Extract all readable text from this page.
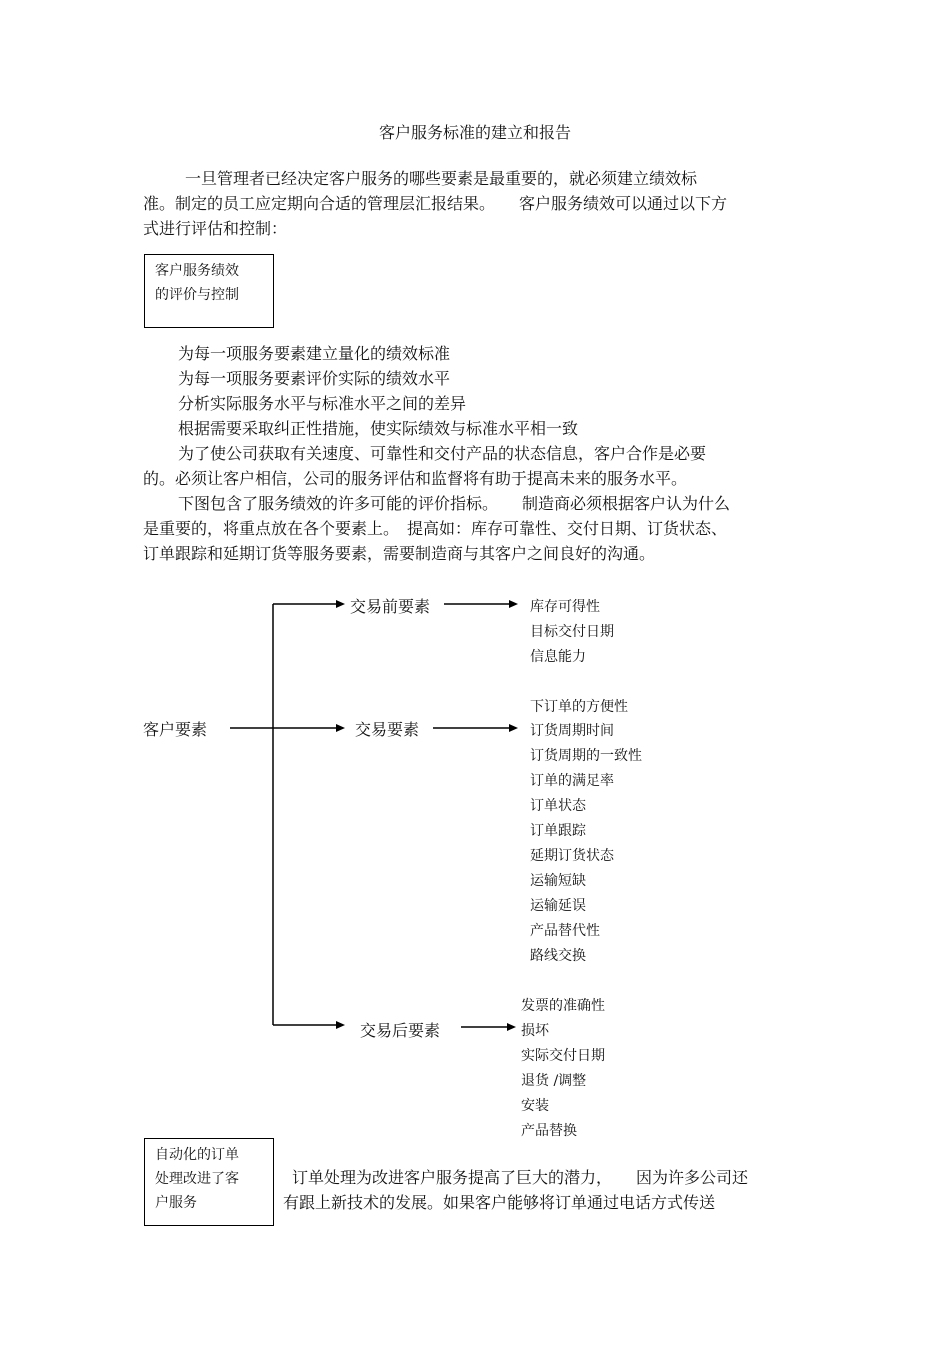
客户服务标准的建立和报告
一旦管理者已经决定客户服务的哪些要素是最重要的，就必须建立绩效标
准。制定的员工应定期向合适的管理层汇报结果。　　客户服务绩效可以通过以下方
式进行评估和控制：
客户服务绩效
的评价与控制
为每一项服务要素建立量化的绩效标准
为每一项服务要素评价实际的绩效水平
分析实际服务水平与标准水平之间的差异
根据需要采取纠正性措施，使实际绩效与标准水平相一致
为了使公司获取有关速度、可靠性和交付产品的状态信息，客户合作是必要
的。必须让客户相信，公司的服务评估和监督将有助于提高未来的服务水平。
下图包含了服务绩效的许多可能的评价指标。　　制造商必须根据客户认为什么
是重要的，将重点放在各个要素上。　提高如：库存可靠性、交付日期、订货状态、
订单跟踪和延期订货等服务要素，需要制造商与其客户之间良好的沟通。
客户要素
交易前要素
交易要素
交易后要素
库存可得性
目标交付日期
信息能力
下订单的方便性
订货周期时间
订货周期的一致性
订单的满足率
订单状态
订单跟踪
延期订货状态
运输短缺
运输延误
产品替代性
路线交换
发票的准确性
损坏
实际交付日期
退货 /调整
安装
产品替换
自动化的订单
处理改进了客
户服务
订单处理为改进客户服务提高了巨大的潜力，　　因为许多公司还
有跟上新技术的发展。如果客户能够将订单通过电话方式传送
